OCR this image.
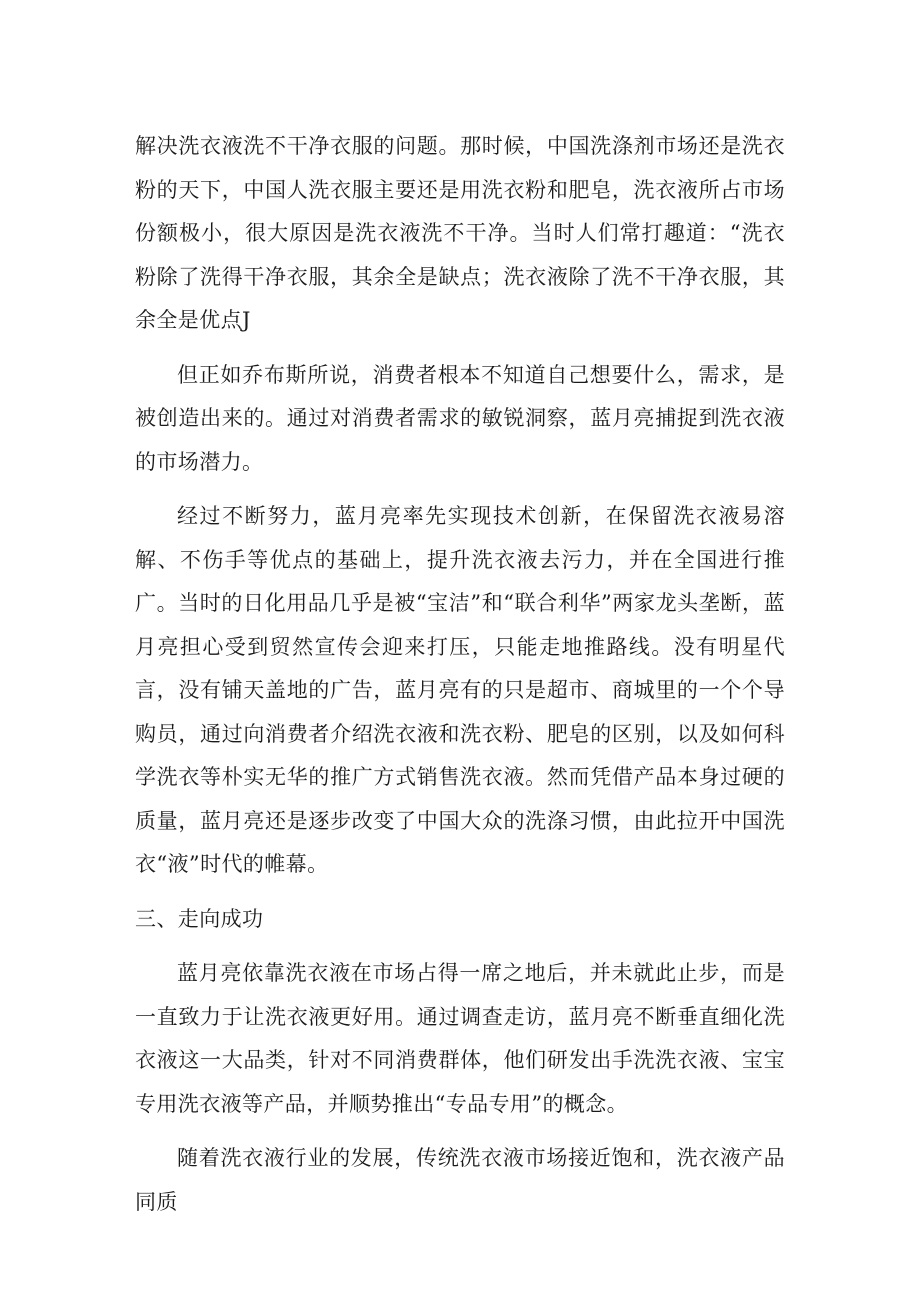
解决洗衣液洗不干净衣服的问题。那时候，中国洗涤剂市场还是洗衣粉的天下，中国人洗衣服主要还是用洗衣粉和肥皂，洗衣液所占市场份额极小，很大原因是洗衣液洗不干净。当时人们常打趣道：“洗衣粉除了洗得干净衣服，其余全是缺点；洗衣液除了洗不干净衣服，其余全是优点J

但正如乔布斯所说，消费者根本不知道自己想要什么，需求，是被创造出来的。通过对消费者需求的敏锐洞察，蓝月亮捕捉到洗衣液的市场潜力。

经过不断努力，蓝月亮率先实现技术创新，在保留洗衣液易溶解、不伤手等优点的基础上，提升洗衣液去污力，并在全国进行推广。当时的日化用品几乎是被“宝洁”和“联合利华”两家龙头垄断，蓝月亮担心受到贸然宣传会迎来打压，只能走地推路线。没有明星代言，没有铺天盖地的广告，蓝月亮有的只是超市、商城里的一个个导购员，通过向消费者介绍洗衣液和洗衣粉、肥皂的区别，以及如何科学洗衣等朴实无华的推广方式销售洗衣液。然而凭借产品本身过硬的质量，蓝月亮还是逐步改变了中国大众的洗涤习惯，由此拉开中国洗衣“液”时代的帷幕。

三、走向成功

蓝月亮依靠洗衣液在市场占得一席之地后，并未就此止步，而是一直致力于让洗衣液更好用。通过调查走访，蓝月亮不断垂直细化洗衣液这一大品类，针对不同消费群体，他们研发出手洗洗衣液、宝宝专用洗衣液等产品，并顺势推出“专品专用”的概念。

随着洗衣液行业的发展，传统洗衣液市场接近饱和，洗衣液产品同质
